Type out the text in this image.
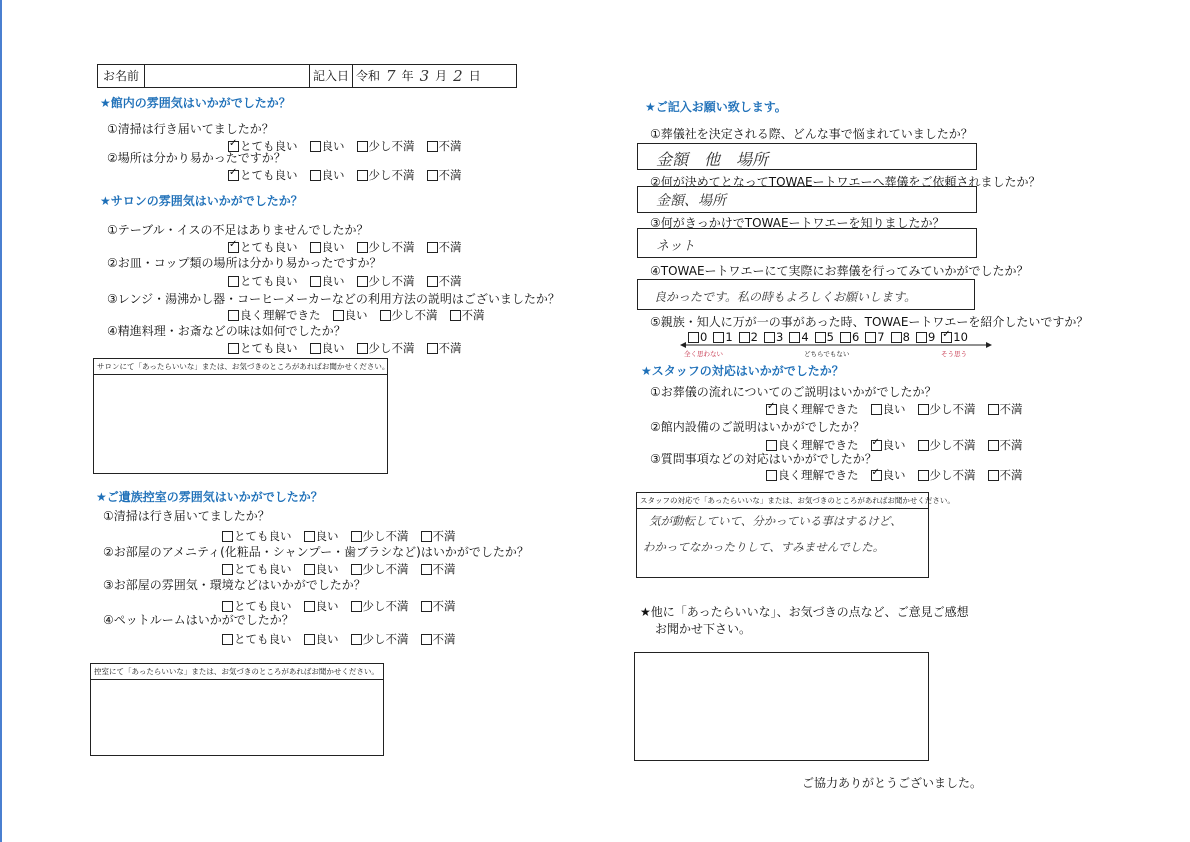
お名前	記入日 令和 7 年 3 月 2 日
★館内の雰囲気はいかがでしたか？
①清掃は行き届いてましたか？
✓
とても良い 良い 少し不満 不満
②場所は分かり易かったですか？
✓
とても良い 良い 少し不満 不満
★サロンの雰囲気はいかがでしたか？
①テーブル・イスの不足はありませんでしたか？
✓
とても良い 良い 少し不満 不満
②お皿・コップ類の場所は分かり易かったですか？
とても良い 良い 少し不満 不満
③レンジ・湯沸かし器・コーヒーメーカーなどの利用方法の説明はございましたか？
良く理解できた 良い 少し不満 不満
④精進料理・お斎などの味は如何でしたか？
とても良い 良い 少し不満 不満
サロンにて「あったらいいな」または、お気づきのところがあればお聞かせください。
★ご遺族控室の雰囲気はいかがでしたか？
①清掃は行き届いてましたか？
とても良い 良い 少し不満 不満
②お部屋のアメニティ(化粧品・シャンプー・歯ブラシなど)はいかがでしたか？
とても良い 良い 少し不満 不満
③お部屋の雰囲気・環境などはいかがでしたか？
とても良い 良い 少し不満 不満
④ペットルームはいかがでしたか？
とても良い 良い 少し不満 不満
控室にて「あったらいいな」または、お気づきのところがあればお聞かせください。
★ご記入お願い致します。
①葬儀社を決定される際、どんな事で悩まれていましたか？
金額　他　場所
②何が決めてとなってTOWAEートワエーへ葬儀をご依頼されましたか？
金額、場所
③何がきっかけでTOWAEートワエーを知りましたか？
ネット
④TOWAEートワエーにて実際にお葬儀を行ってみていかがでしたか？
良かったです。私の時もよろしくお願いします。
⑤親族・知人に万が一の事があった時、TOWAEートワエーを紹介したいですか？
0 1 2 3 4 5 6 7 8 9 ✓ 10
全く思わない	どちらでもない	そう思う
★スタッフの対応はいかがでしたか？
①お葬儀の流れについてのご説明はいかがでしたか？
✓
良く理解できた 良い 少し不満 不満
②館内設備のご説明はいかがでしたか？
良く理解できた ✓ 良い 少し不満 不満
③質問事項などの対応はいかがでしたか？
良く理解できた ✓ 良い 少し不満 不満
スタッフの対応で「あったらいいな」または、お気づきのところがあればお聞かせください。
気が動転していて、分かっている事はするけど、
わかってなかったりして、すみませんでした。
★他に「あったらいいな」、お気づきの点など、ご意見ご感想
お聞かせ下さい。
ご協力ありがとうございました。
